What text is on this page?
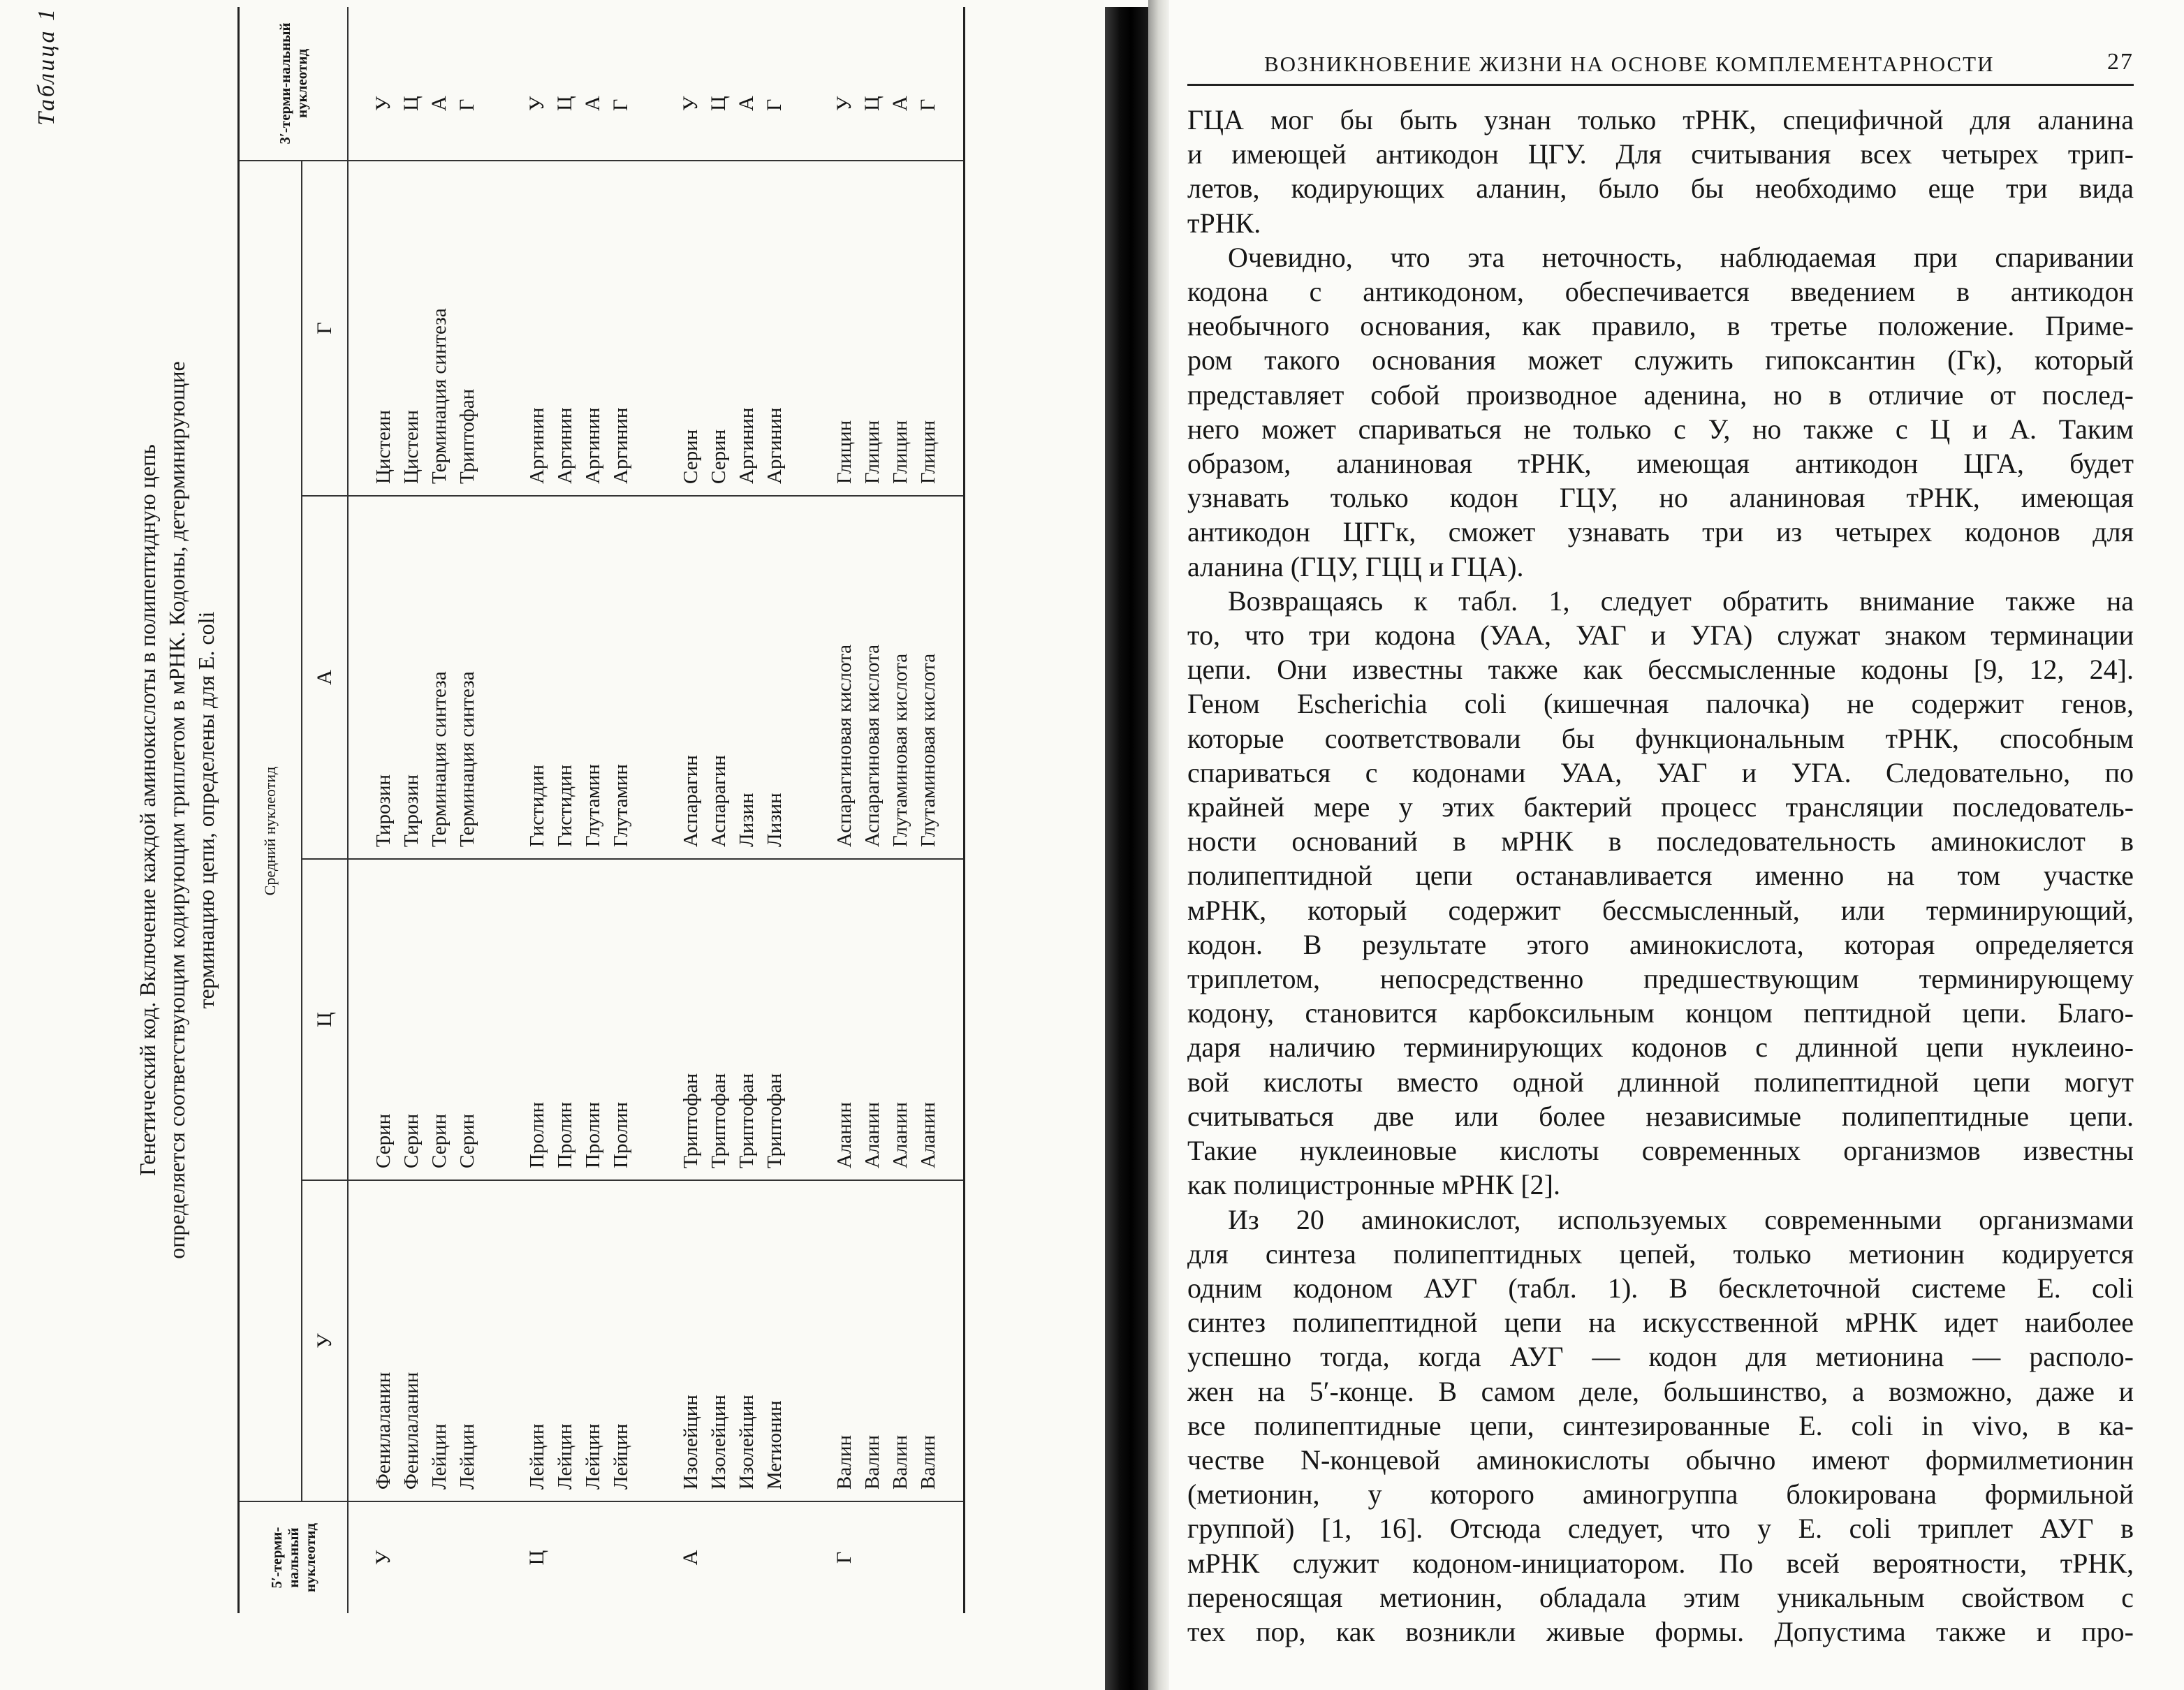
Таблица 1
Генетический код. Включение каждой аминокислоты в полипептидную цепь определяется соответствующим кодирующим триплетом в мРНК. Кодоны, детерминирующие терминацию цепи, определены для E. coli
5′-терми-нальный нуклеотид	Средний нуклеотид				3′-терми-нальный нуклеотид
	У	Ц	А	Г	
У	Фенилаланин Фенилаланин Лейцин Лейцин	Серин Серин Серин Серин	Тирозин Тирозин Терминация синтеза Терминация синтеза	Цистеин Цистеин Терминация синтеза Триптофан	У Ц А Г

Ц	Лейцин Лейцин Лейцин Лейцин	Пролин Пролин Пролин Пролин	Гистидин Гистидин Глутамин Глутамин	Аргинин Аргинин Аргинин Аргинин	У Ц А Г

А	Изолейцин Изолейцин Изолейцин Метионин	Триптофан Триптофан Триптофан Триптофан	Аспарагин Аспарагин Лизин Лизин	Серин Серин Аргинин Аргинин	У Ц А Г

Г	Валин Валин Валин Валин	Аланин Аланин Аланин Аланин	Аспарагиновая кислота Аспарагиновая кислота Глутаминовая кислота Глутаминовая кислота	Глицин Глицин Глицин Глицин	У Ц А Г
ВОЗНИКНОВЕНИЕ ЖИЗНИ НА ОСНОВЕ КОМПЛЕМЕНТАРНОСТИ	27
ГЦА мог бы быть узнан только тРНК, специфичной для аланина
и имеющей антикодон ЦГУ. Для считывания всех четырех трип-
летов, кодирующих аланин, было бы необходимо еще три вида
тРНК.
Очевидно, что эта неточность, наблюдаемая при спаривании
кодона с антикодоном, обеспечивается введением в антикодон
необычного основания, как правило, в третье положение. Приме-
ром такого основания может служить гипоксантин (Гк), который
представляет собой производное аденина, но в отличие от послед-
него может спариваться не только с У, но также с Ц и А. Таким
образом, аланиновая тРНК, имеющая антикодон ЦГА, будет
узнавать только кодон ГЦУ, но аланиновая тРНК, имеющая
антикодон ЦГГк, сможет узнавать три из четырех кодонов для
аланина (ГЦУ, ГЦЦ и ГЦА).
Возвращаясь к табл. 1, следует обратить внимание также на
то, что три кодона (УАА, УАГ и УГА) служат знаком терминации
цепи. Они известны также как бессмысленные кодоны [9, 12, 24].
Геном Escherichia coli (кишечная палочка) не содержит генов,
которые соответствовали бы функциональным тРНК, способным
спариваться с кодонами УАА, УАГ и УГА. Следовательно, по
крайней мере у этих бактерий процесс трансляции последователь-
ности оснований в мРНК в последовательность аминокислот в
полипептидной цепи останавливается именно на том участке
мРНК, который содержит бессмысленный, или терминирующий,
кодон. В результате этого аминокислота, которая определяется
триплетом, непосредственно предшествующим терминирующему
кодону, становится карбоксильным концом пептидной цепи. Благо-
даря наличию терминирующих кодонов с длинной цепи нуклеино-
вой кислоты вместо одной длинной полипептидной цепи могут
считываться две или более независимые полипептидные цепи.
Такие нуклеиновые кислоты современных организмов известны
как полицистронные мРНК [2].
Из 20 аминокислот, используемых современными организмами
для синтеза полипептидных цепей, только метионин кодируется
одним кодоном АУГ (табл. 1). В бесклеточной системе E. coli
синтез полипептидной цепи на искусственной мРНК идет наиболее
успешно тогда, когда АУГ — кодон для метионина — располо-
жен на 5′-конце. В самом деле, большинство, а возможно, даже и
все полипептидные цепи, синтезированные E. coli in vivo, в ка-
честве N-концевой аминокислоты обычно имеют формилметионин
(метионин, у которого аминогруппа блокирована формильной
группой) [1, 16]. Отсюда следует, что у E. coli триплет АУГ в
мРНК служит кодоном-инициатором. По всей вероятности, тРНК,
переносящая метионин, обладала этим уникальным свойством с
тех пор, как возникли живые формы. Допустима также и про-
